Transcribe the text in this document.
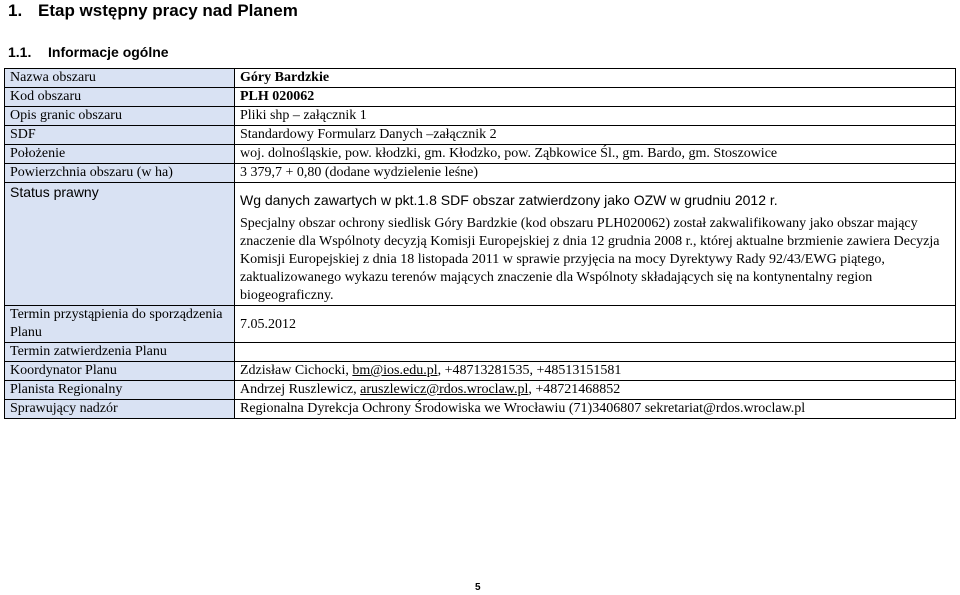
1. Etap wstępny pracy nad Planem
1.1. Informacje ogólne
Nazwa obszaru	Góry Bardzkie
Kod obszaru	PLH 020062
Opis granic obszaru	Pliki shp – załącznik 1
SDF	Standardowy Formularz Danych –załącznik 2
Położenie	woj. dolnośląskie, pow. kłodzki, gm. Kłodzko, pow. Ząbkowice Śl., gm. Bardo, gm. Stoszowice
Powierzchnia obszaru (w ha)	3 379,7 + 0,80 (dodane wydzielenie leśne)
Status prawny	Wg danych zawartych w pkt.1.8 SDF obszar zatwierdzony jako OZW w grudniu 2012 r.
Specjalny obszar ochrony siedlisk Góry Bardzkie (kod obszaru PLH020062) został zakwalifikowany jako obszar mający znaczenie dla Wspólnoty decyzją Komisji Europejskiej z dnia 12 grudnia 2008 r., której aktualne brzmienie zawiera Decyzja Komisji Europejskiej z dnia 18 listopada 2011 w sprawie przyjęcia na mocy Dyrektywy Rady 92/43/EWG piątego, zaktualizowanego wykazu terenów mających znaczenie dla Wspólnoty składających się na kontynentalny region biogeograficzny.

Termin przystąpienia do sporządzenia Planu	7.05.2012

Termin zatwierdzenia Planu	
Koordynator Planu	Zdzisław Cichocki, bm@ios.edu.pl, +48713281535, +48513151581
Planista Regionalny	Andrzej Ruszlewicz, aruszlewicz@rdos.wroclaw.pl, +48721468852
Sprawujący nadzór	Regionalna Dyrekcja Ochrony Środowiska we Wrocławiu (71)3406807 sekretariat@rdos.wroclaw.pl
5
